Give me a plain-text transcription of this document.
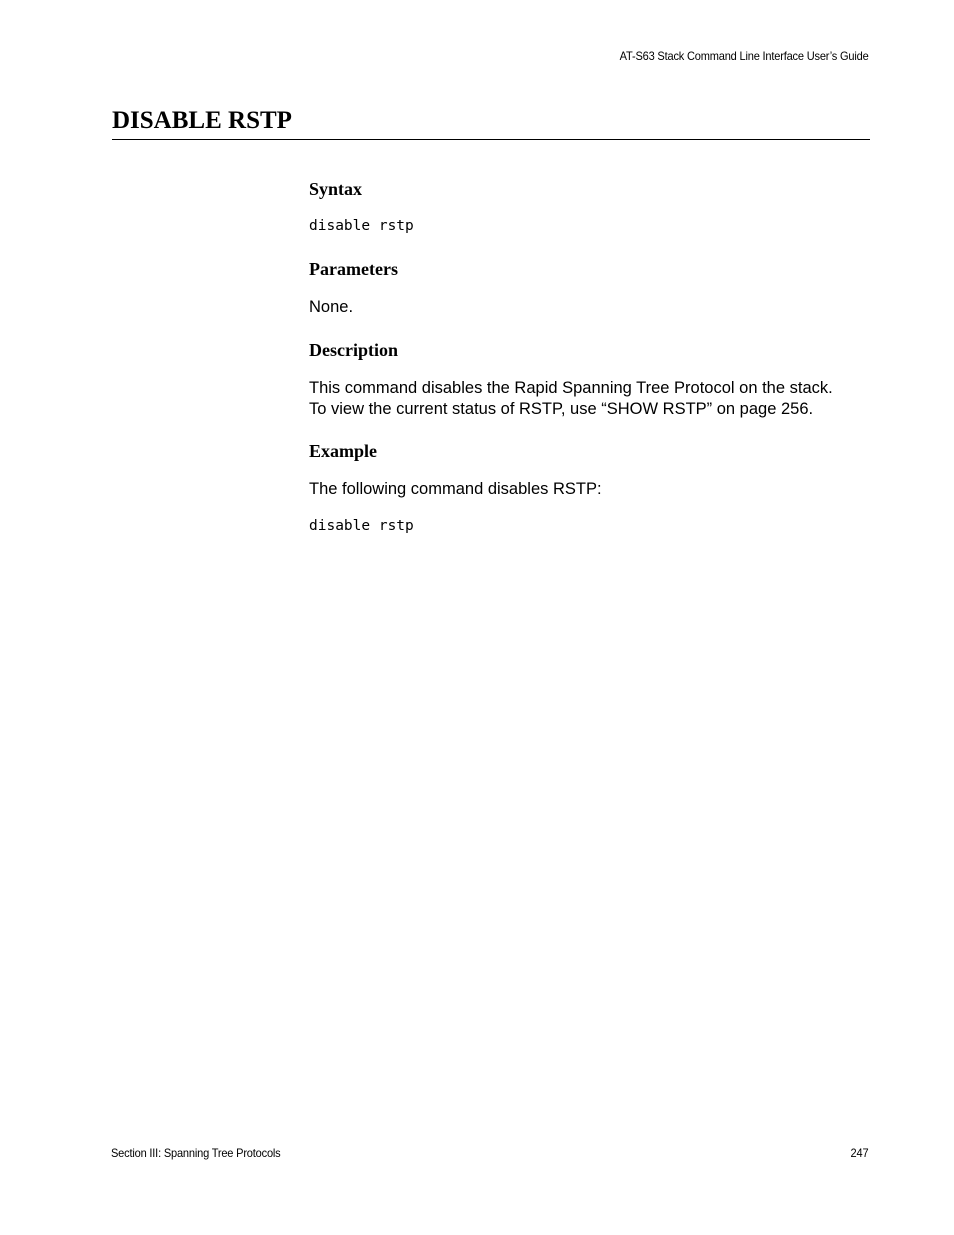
AT-S63 Stack Command Line Interface User’s Guide
DISABLE RSTP
Syntax
disable rstp
Parameters

None.

Description

This command disables the Rapid Spanning Tree Protocol on the stack.
To view the current status of RSTP, use “SHOW RSTP” on page 256.

Example

The following command disables RSTP:

disable rstp
Section III: Spanning Tree Protocols	247
